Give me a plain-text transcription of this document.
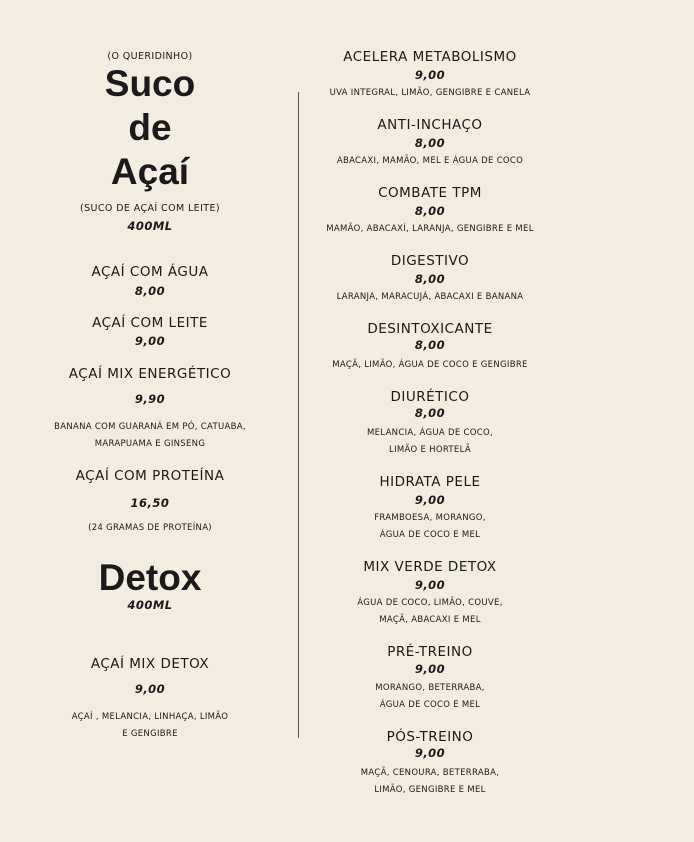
(O QUERIDINHO)
Suco
de
Açaí
(SUCO DE AÇAÍ COM LEITE)
400ML
AÇAÍ COM ÁGUA
8,00
AÇAÍ COM LEITE
9,00
AÇAÍ MIX ENERGÉTICO
9,90
BANANA COM GUARANÁ EM PÓ, CATUABA,
MARAPUAMA E GINSENG
AÇAÍ COM PROTEÍNA
16,50
(24 GRAMAS DE PROTEÍNA)
Detox
400ML
AÇAÍ MIX DETOX
9,00
AÇAÍ , MELANCIA, LINHAÇA, LIMÃO
E GENGIBRE
ACELERA METABOLISMO
9,00
UVA INTEGRAL, LIMÃO, GENGIBRE E CANELA
ANTI-INCHAÇO
8,00
ABACAXI, MAMÃO, MEL E ÁGUA DE COCO
COMBATE TPM
8,00
MAMÃO, ABACAXÍ, LARANJA, GENGIBRE E MEL
DIGESTIVO
8,00
LARANJA, MARACUJÁ, ABACAXI E BANANA
DESINTOXICANTE
8,00
MAÇÃ, LIMÃO, ÁGUA DE COCO E GENGIBRE
DIURÉTICO
8,00
MELANCIA, ÁGUA DE COCO,
LIMÃO E HORTELÃ
HIDRATA PELE
9,00
FRAMBOESA, MORANGO,
ÁGUA DE COCO E MEL
MIX VERDE DETOX
9,00
ÁGUA DE COCO, LIMÃO, COUVE,
MAÇÃ, ABACAXI E MEL
PRÉ-TREINO
9,00
MORANGO, BETERRABA,
ÁGUA DE COCO E MEL
PÓS-TREINO
9,00
MAÇÃ, CENOURA, BETERRABA,
LIMÃO, GENGIBRE E MEL
